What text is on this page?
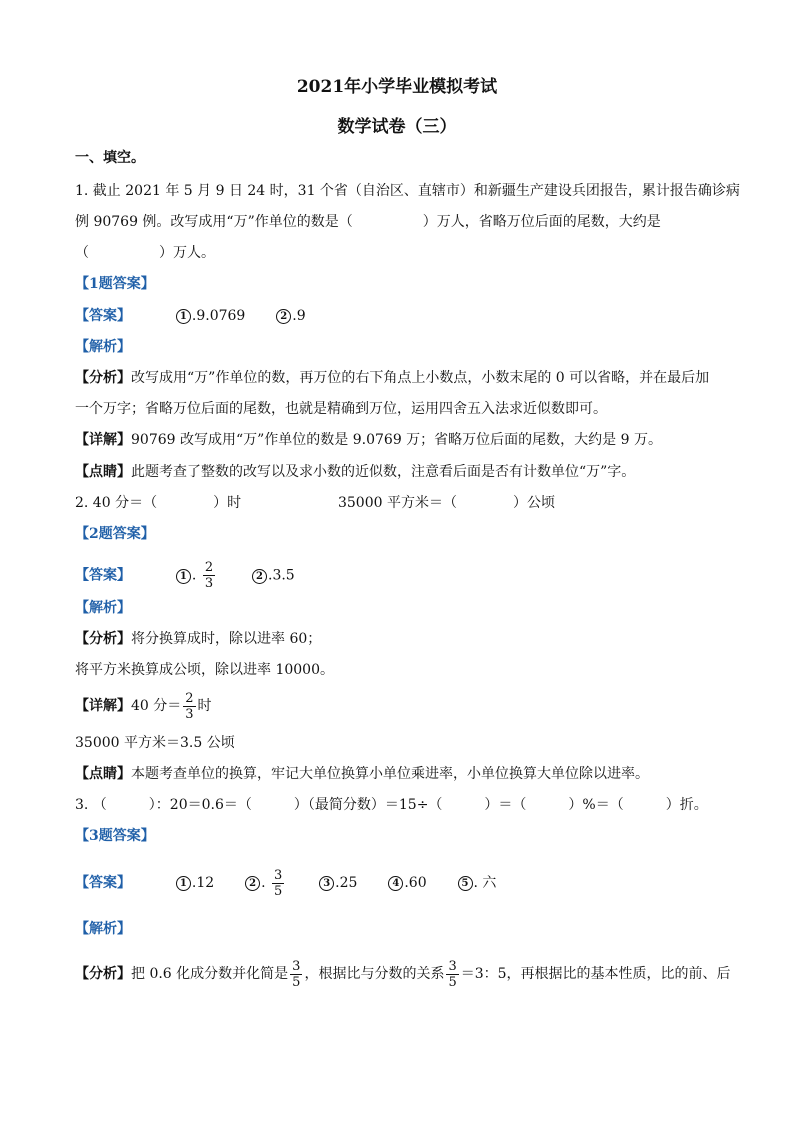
2021年小学毕业模拟考试
数学试卷（三）
一、填空。
1. 截止 2021 年 5 月 9 日 24 时，31 个省（自治区、直辖市）和新疆生产建设兵团报告，累计报告确诊病
例 90769 例。改写成用“万”作单位的数是（　　　　　）万人，省略万位后面的尾数，大约是
（　　　　　）万人。
【1题答案】
【答案】	1 .9.0769	2 .9
【解析】
【分析】改写成用“万”作单位的数，再万位的右下角点上小数点，小数末尾的 0 可以省略，并在最后加
一个万字；省略万位后面的尾数，也就是精确到万位，运用四舍五入法求近似数即可。
【详解】90769 改写成用“万”作单位的数是 9.0769 万；省略万位后面的尾数，大约是 9 万。
【点睛】此题考查了整数的改写以及求小数的近似数，注意看后面是否有计数单位“万”字。
2. 40 分＝（　　　　）时	35000 平方米＝（　　　　）公顷
【2题答案】
【答案】	1 . $\frac{2}{3}$	2 .3.5
【解析】
【分析】将分换算成时，除以进率 60；
将平方米换算成公顷，除以进率 10000。
【详解】40 分＝ $\frac{2}{3}$ 时
35000 平方米＝3.5 公顷
【点睛】本题考查单位的换算，牢记大单位换算小单位乘进率，小单位换算大单位除以进率。
3. （　　　）：20＝0.6＝（　　　）（最简分数）＝15÷（　　　）＝（　　　）%＝（　　　）折。
【3题答案】
【答案】	1 .12	2 . $\frac{3}{5}$	3 .25	4 .60	5 . 六
【解析】
【分析】把 0.6 化成分数并化简是 $\frac{3}{5}$ ，根据比与分数的关系 $\frac{3}{5} =3$：5，再根据比的基本性质，比的前、后
